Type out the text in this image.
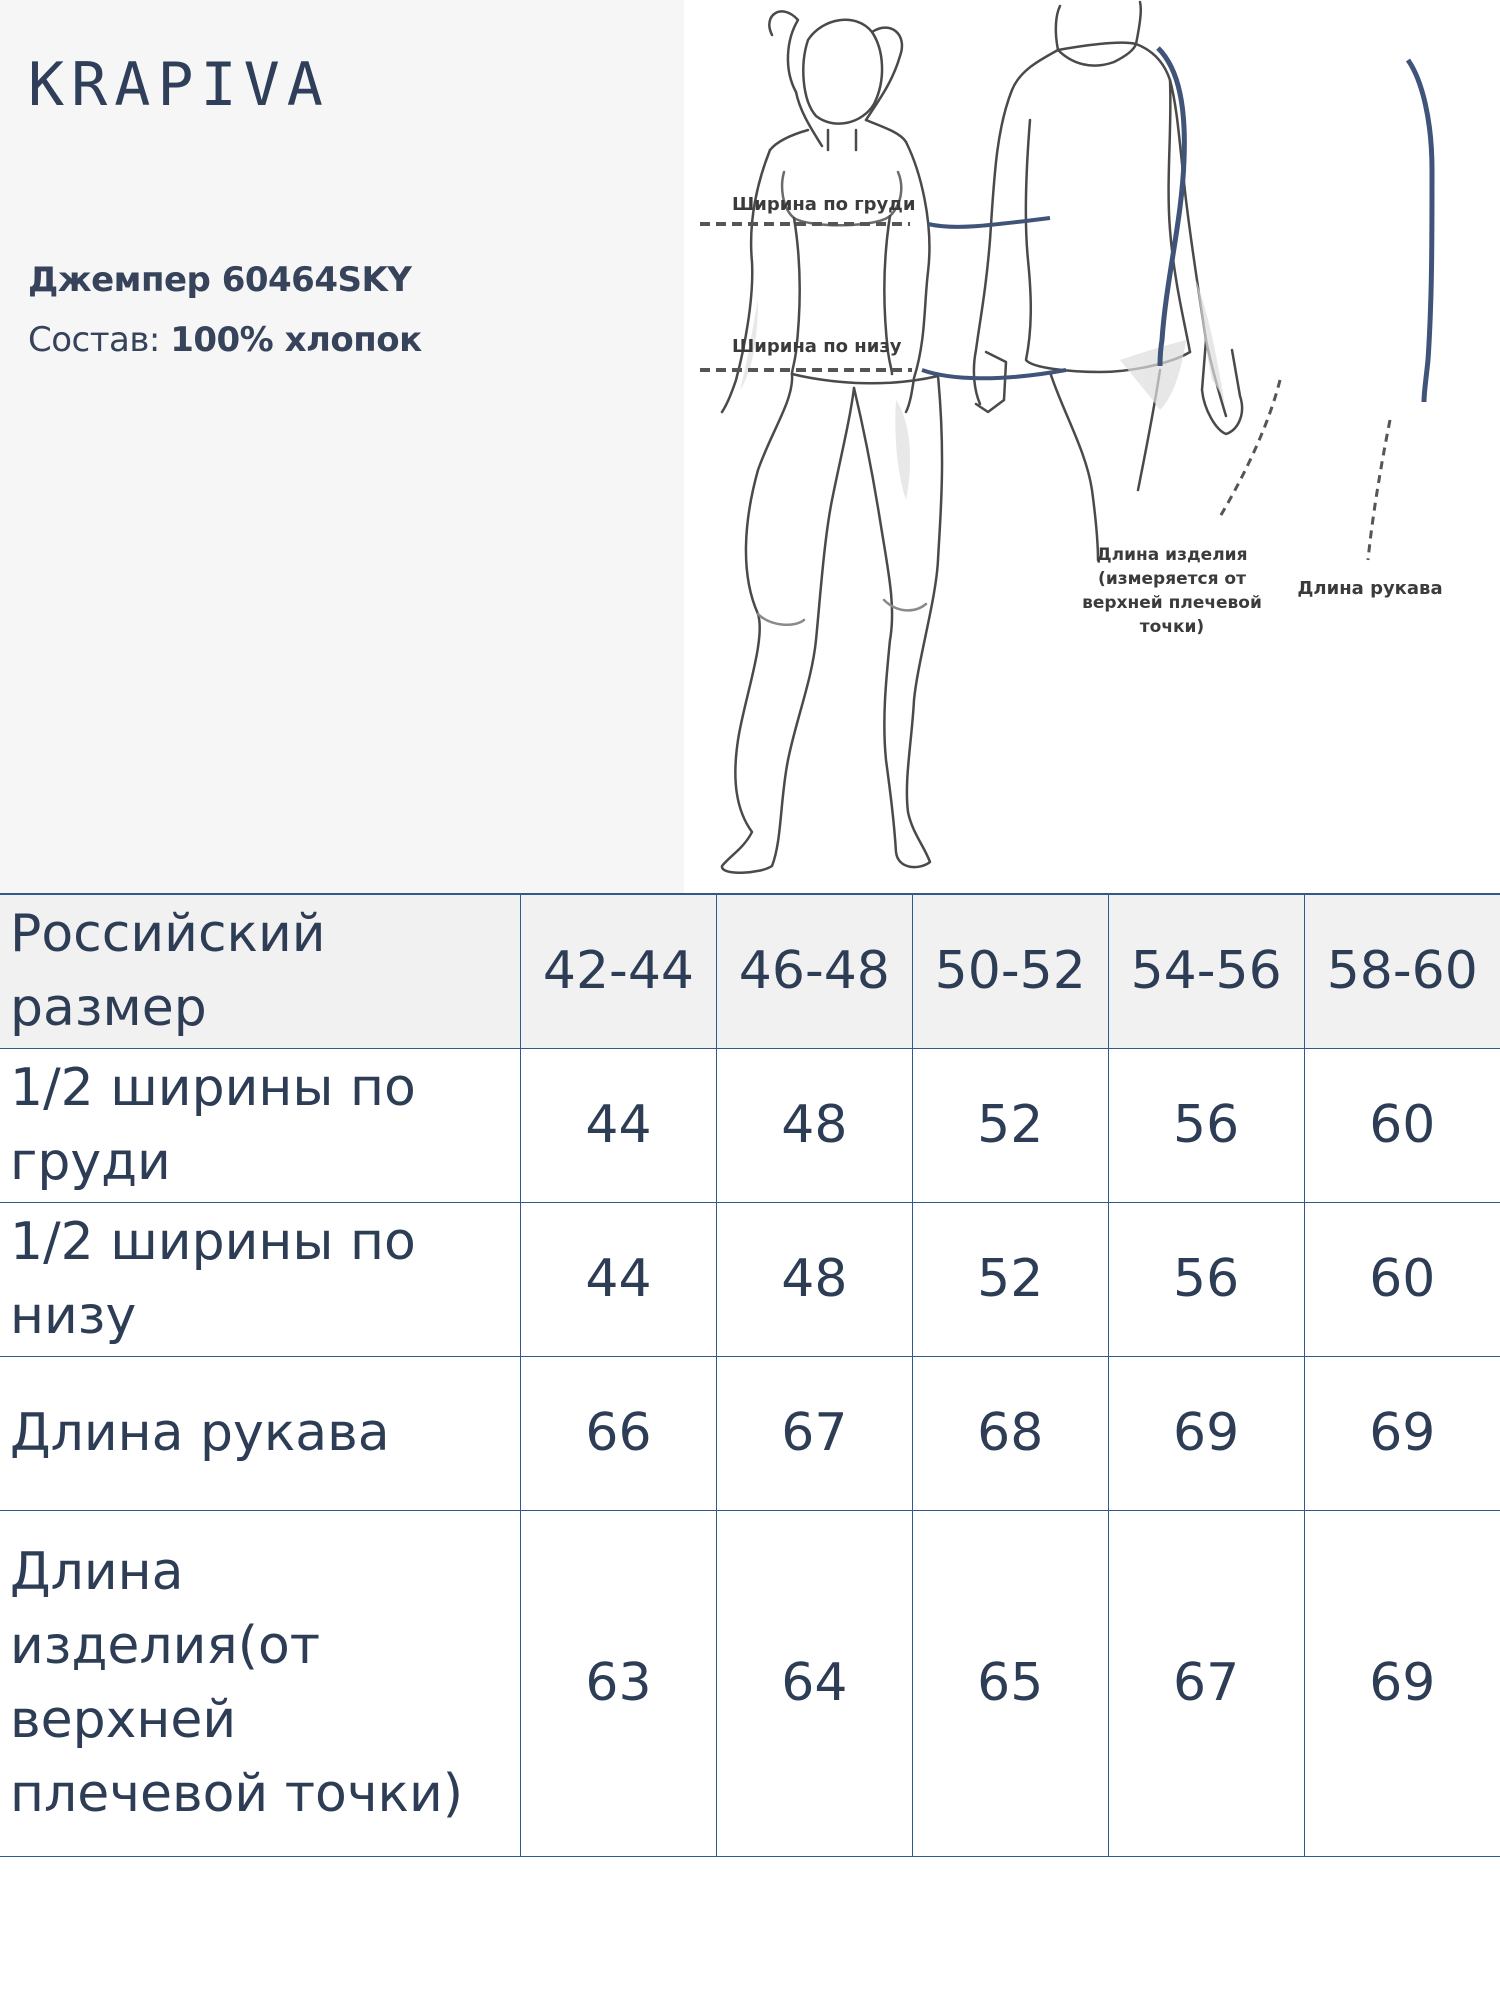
KRAPIVA
Джемпер 60464SKY
Состав: 100% хлопок
Ширина по груди
Ширина по низу
Длина изделия
(измеряется от
верхней плечевой
точки)
Длина рукава
Российский
размер	42-44	46-48	50-52	54-56	58-60
1/2 ширины по
груди	44	48	52	56	60
1/2 ширины по
низу	44	48	52	56	60
Длина рукава	66	67	68	69	69
Длина
изделия(от
верхней
плечевой точки)	63	64	65	67	69
